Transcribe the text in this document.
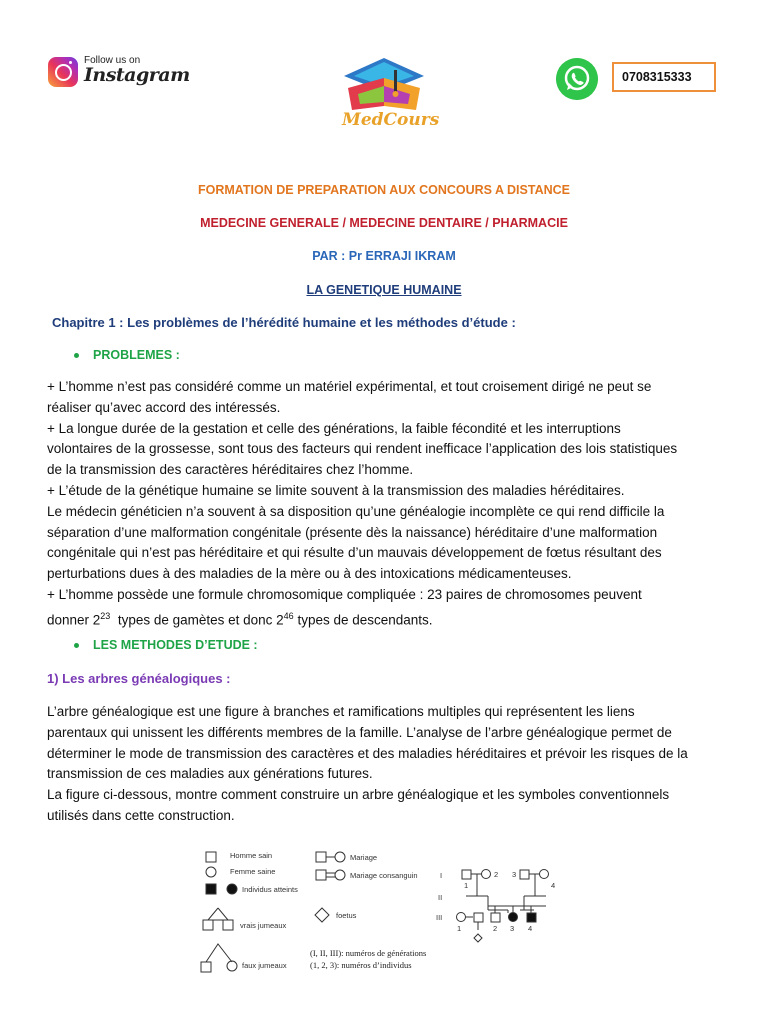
Follow us on
Instagram
MedCours
0708315333
FORMATION DE PREPARATION AUX CONCOURS A DISTANCE
MEDECINE GENERALE / MEDECINE DENTAIRE / PHARMACIE
PAR : Pr ERRAJI IKRAM
LA GENETIQUE HUMAINE
Chapitre 1 : Les problèmes de l’hérédité humaine et les méthodes d’étude :
PROBLEMES :
+ L’homme n’est pas considéré comme un matériel expérimental, et tout croisement dirigé ne peut se
réaliser qu’avec accord des intéressés.
+ La longue durée de la gestation et celle des générations, la faible fécondité et les interruptions
volontaires de la grossesse, sont tous des facteurs qui rendent inefficace l’application des lois statistiques
de la transmission des caractères héréditaires chez l’homme.
+ L’étude de la génétique humaine se limite souvent à la transmission des maladies héréditaires.
Le médecin généticien n’a souvent à sa disposition qu’une généalogie incomplète ce qui rend difficile la
séparation d’une malformation congénitale (présente dès la naissance) héréditaire d’une malformation
congénitale qui n’est pas héréditaire et qui résulte d’un mauvais développement de fœtus résultant des
perturbations dues à des maladies de la mère ou à des intoxications médicamenteuses.
+ L’homme possède une formule chromosomique compliquée : 23 paires de chromosomes peuvent
donner $2^{23}$  types de gamètes et donc $2^{46}$ types de descendants.
LES METHODES D’ETUDE :
1) Les arbres généalogiques :
L’arbre généalogique est une figure à branches et ramifications multiples qui représentent les liens
parentaux qui unissent les différents membres de la famille. L’analyse de l’arbre généalogique permet de
déterminer le mode de transmission des caractères et des maladies héréditaires et prévoir les risques de la
transmission de ces maladies aux générations futures.
La figure ci-dessous, montre comment construire un arbre généalogique et les symboles conventionnels
utilisés dans cette construction.
Homme sain
Femme saine
Individus atteints
vrais jumeaux
faux jumeaux
Mariage
Mariage consanguin
foetus
(I, II, III): numéros de générations
(1, 2, 3): numéros d’individus
I
II
III
1
2 3
4
1	2 3 4
